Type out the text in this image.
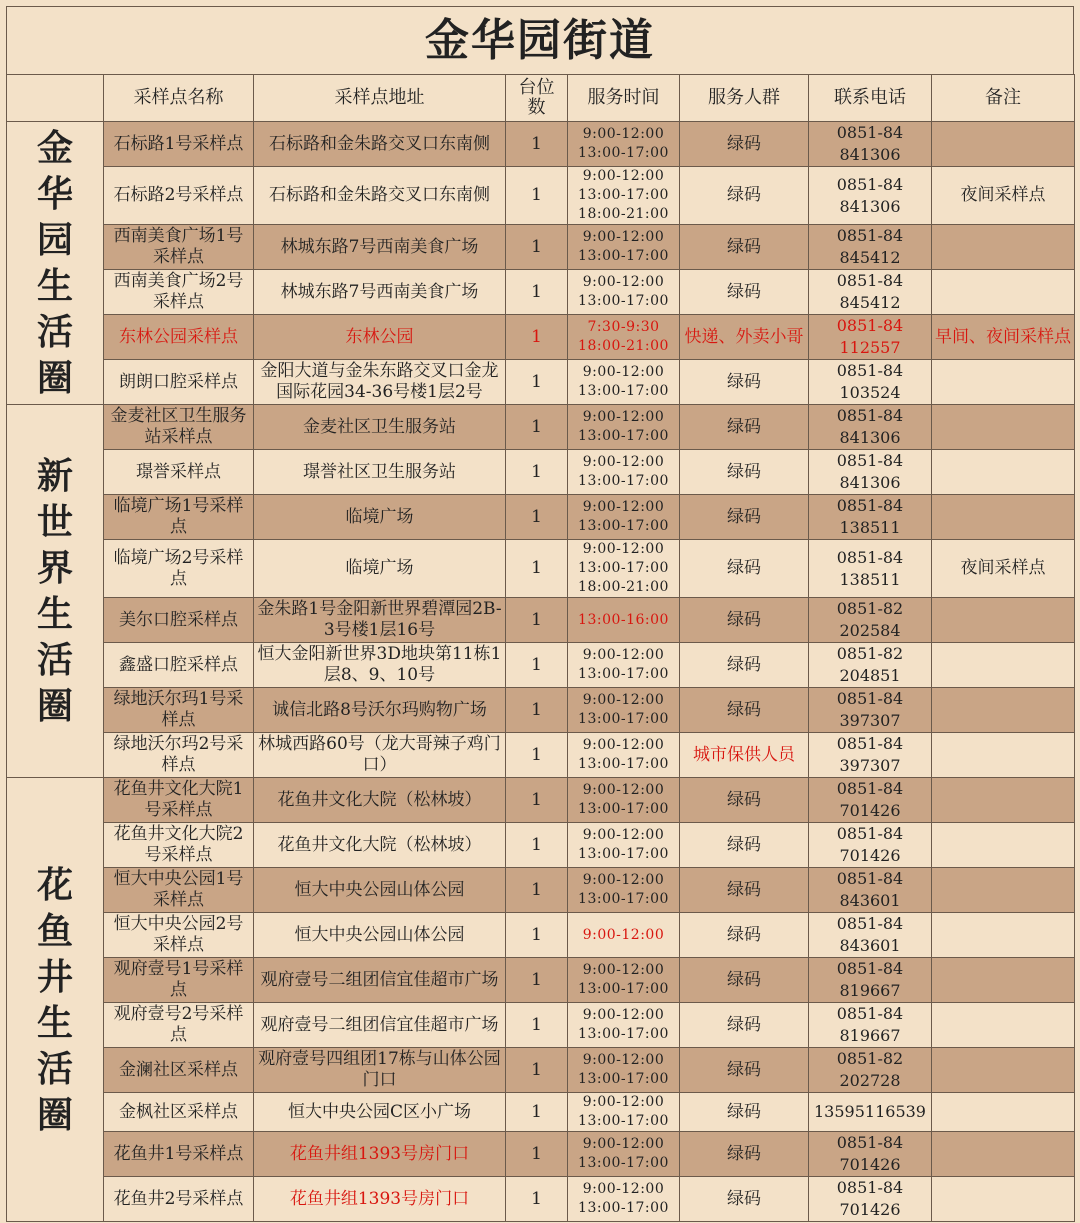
金华园街道
	采样点名称	采样点地址	台位数	服务时间	服务人群	联系电话	备注

金华园生活圈	石标路1号采样点	石标路和金朱路交叉口东南侧	1	9:00-12:00
13:00-17:00	绿码	0851-84841306	

	石标路2号采样点	石标路和金朱路交叉口东南侧	1	9:00-12:00
13:00-17:00
18:00-21:00	绿码	0851-84841306	夜间采样点
	西南美食广场1号采样点	林城东路7号西南美食广场	1	9:00-12:00
13:00-17:00	绿码	0851-84845412	

	西南美食广场2号采样点	林城东路7号西南美食广场	1	9:00-12:00
13:00-17:00	绿码	0851-84845412	

	东林公园采样点	东林公园	1	7:30-9:30
18:00-21:00	快递、外卖小哥	0851-84112557	早间、夜间采样点
	朗朗口腔采样点	金阳大道与金朱东路交叉口金龙国际花园34-36号楼1层2号	1	9:00-12:00
13:00-17:00	绿码	0851-84103524	

新世界生活圈	金麦社区卫生服务站采样点	金麦社区卫生服务站	1	9:00-12:00
13:00-17:00	绿码	0851-84841306	

	璟誉采样点	璟誉社区卫生服务站	1	9:00-12:00
13:00-17:00	绿码	0851-84841306	

	临境广场1号采样点	临境广场	1	9:00-12:00
13:00-17:00	绿码	0851-84138511	

	临境广场2号采样点	临境广场	1	9:00-12:00
13:00-17:00
18:00-21:00	绿码	0851-84138511	夜间采样点
	美尔口腔采样点	金朱路1号金阳新世界碧潭园2B-3号楼1层16号	1	13:00-16:00	绿码	0851-82202584	

	鑫盛口腔采样点	恒大金阳新世界3D地块第11栋1层8、9、10号	1	9:00-12:00
13:00-17:00	绿码	0851-82204851	

	绿地沃尔玛1号采样点	诚信北路8号沃尔玛购物广场	1	9:00-12:00
13:00-17:00	绿码	0851-84397307	

	绿地沃尔玛2号采样点	林城西路60号（龙大哥辣子鸡门口）	1	9:00-12:00
13:00-17:00	城市保供人员	0851-84397307	

花鱼井生活圈	花鱼井文化大院1号采样点	花鱼井文化大院（松林坡）	1	9:00-12:00
13:00-17:00	绿码	0851-84701426	

	花鱼井文化大院2号采样点	花鱼井文化大院（松林坡）	1	9:00-12:00
13:00-17:00	绿码	0851-84701426	

	恒大中央公园1号采样点	恒大中央公园山体公园	1	9:00-12:00
13:00-17:00	绿码	0851-84843601	

	恒大中央公园2号采样点	恒大中央公园山体公园	1	9:00-12:00	绿码	0851-84843601	

	观府壹号1号采样点	观府壹号二组团信宜佳超市广场	1	9:00-12:00
13:00-17:00	绿码	0851-84819667	

	观府壹号2号采样点	观府壹号二组团信宜佳超市广场	1	9:00-12:00
13:00-17:00	绿码	0851-84819667	

	金澜社区采样点	观府壹号四组团17栋与山体公园门口	1	9:00-12:00
13:00-17:00	绿码	0851-82202728	

	金枫社区采样点	恒大中央公园C区小广场	1	9:00-12:00
13:00-17:00	绿码	13595116539	
	花鱼井1号采样点	花鱼井组1393号房门口	1	9:00-12:00
13:00-17:00	绿码	0851-84701426	

	花鱼井2号采样点	花鱼井组1393号房门口	1	9:00-12:00
13:00-17:00	绿码	0851-84701426	
